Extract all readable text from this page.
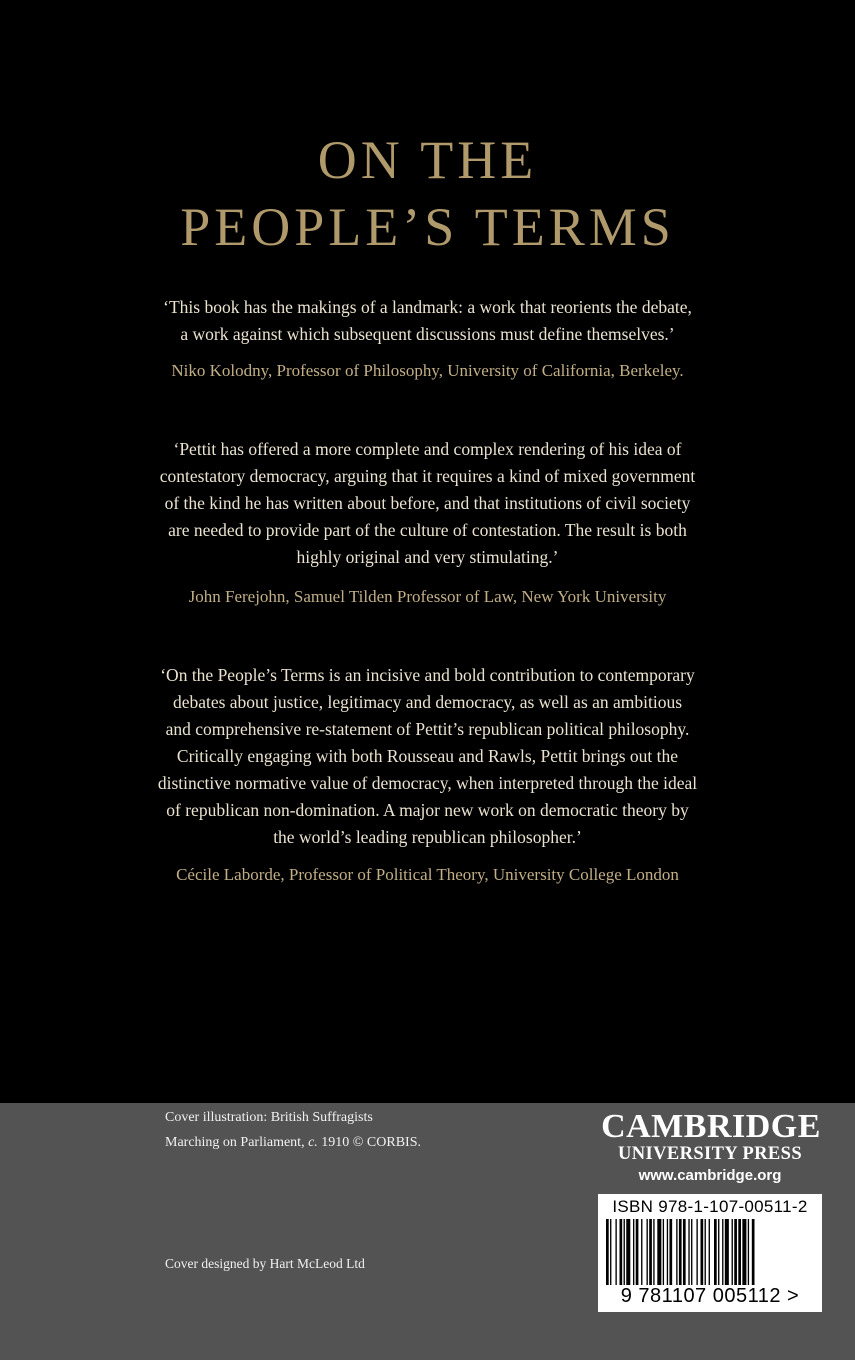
ON THE
PEOPLE’S TERMS

‘This book has the makings of a landmark: a work that reorients the debate,
a work against which subsequent discussions must define themselves.’

Niko Kolodny, Professor of Philosophy, University of California, Berkeley.

‘Pettit has offered a more complete and complex rendering of his idea of
contestatory democracy, arguing that it requires a kind of mixed government
of the kind he has written about before, and that institutions of civil society
are needed to provide part of the culture of contestation. The result is both
highly original and very stimulating.’

John Ferejohn, Samuel Tilden Professor of Law, New York University

‘On the People’s Terms is an incisive and bold contribution to contemporary
debates about justice, legitimacy and democracy, as well as an ambitious
and comprehensive re-statement of Pettit’s republican political philosophy.
Critically engaging with both Rousseau and Rawls, Pettit brings out the
distinctive normative value of democracy, when interpreted through the ideal
of republican non-domination. A major new work on democratic theory by
the world’s leading republican philosopher.’

Cécile Laborde, Professor of Political Theory, University College London

Cover illustration: British Suffragists

Marching on Parliament, c. 1910 © CORBIS.

Cover designed by Hart McLeod Ltd

CAMBRIDGE
UNIVERSITY PRESS
www.cambridge.org
ISBN 978-1-107-00511-2
9 781107 005112 >
